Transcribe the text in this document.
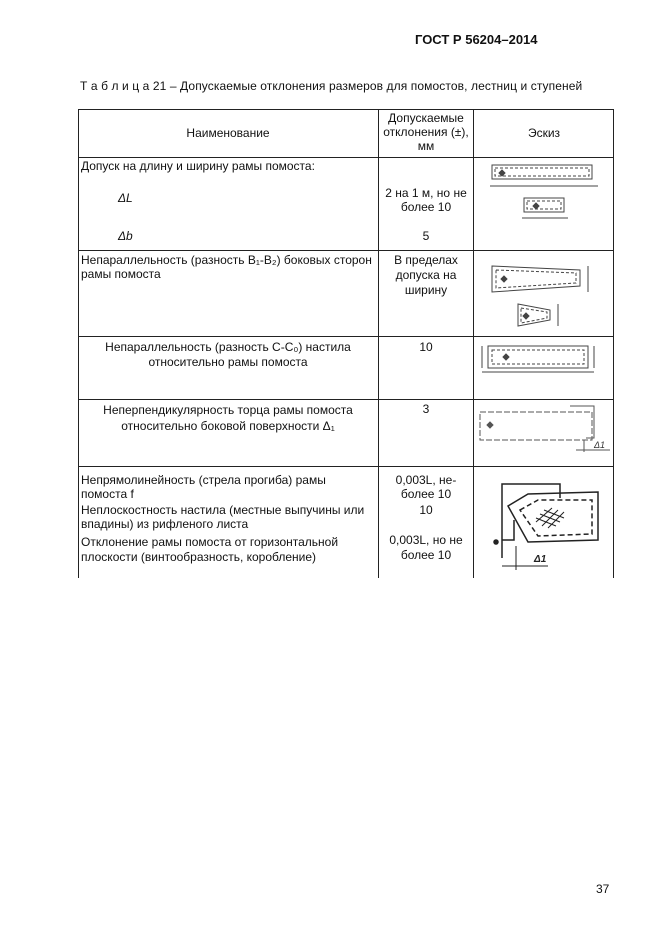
ГОСТ Р 56204–2014
Т а б л и ц а 21 – Допускаемые отклонения размеров для помостов, лестниц и ступеней
Наименование
Допускаемые отклонения (±), мм
Эскиз
Допуск на длину и ширину рамы помоста:
ΔL
Δb
2 на 1 м, но не более 10
5
Непараллельность (разность B₁-B₂) боковых сторон рамы помоста
В пределах допуска на ширину
Непараллельность (разность C-C₀) настила относительно рамы помоста
10
Неперпендикулярность торца рамы помоста относительно боковой поверхности Δ₁
3
Непрямолинейность (стрела прогиба) рамы помоста f
Неплоскостность настила (местные выпучины или впадины) из рифленого листа
Отклонение рамы помоста от горизонтальной плоскости (винтообразность, коробление)
0,003L, не-более 10
10
0,003L, но не более 10
Δ1
Δ1
37
